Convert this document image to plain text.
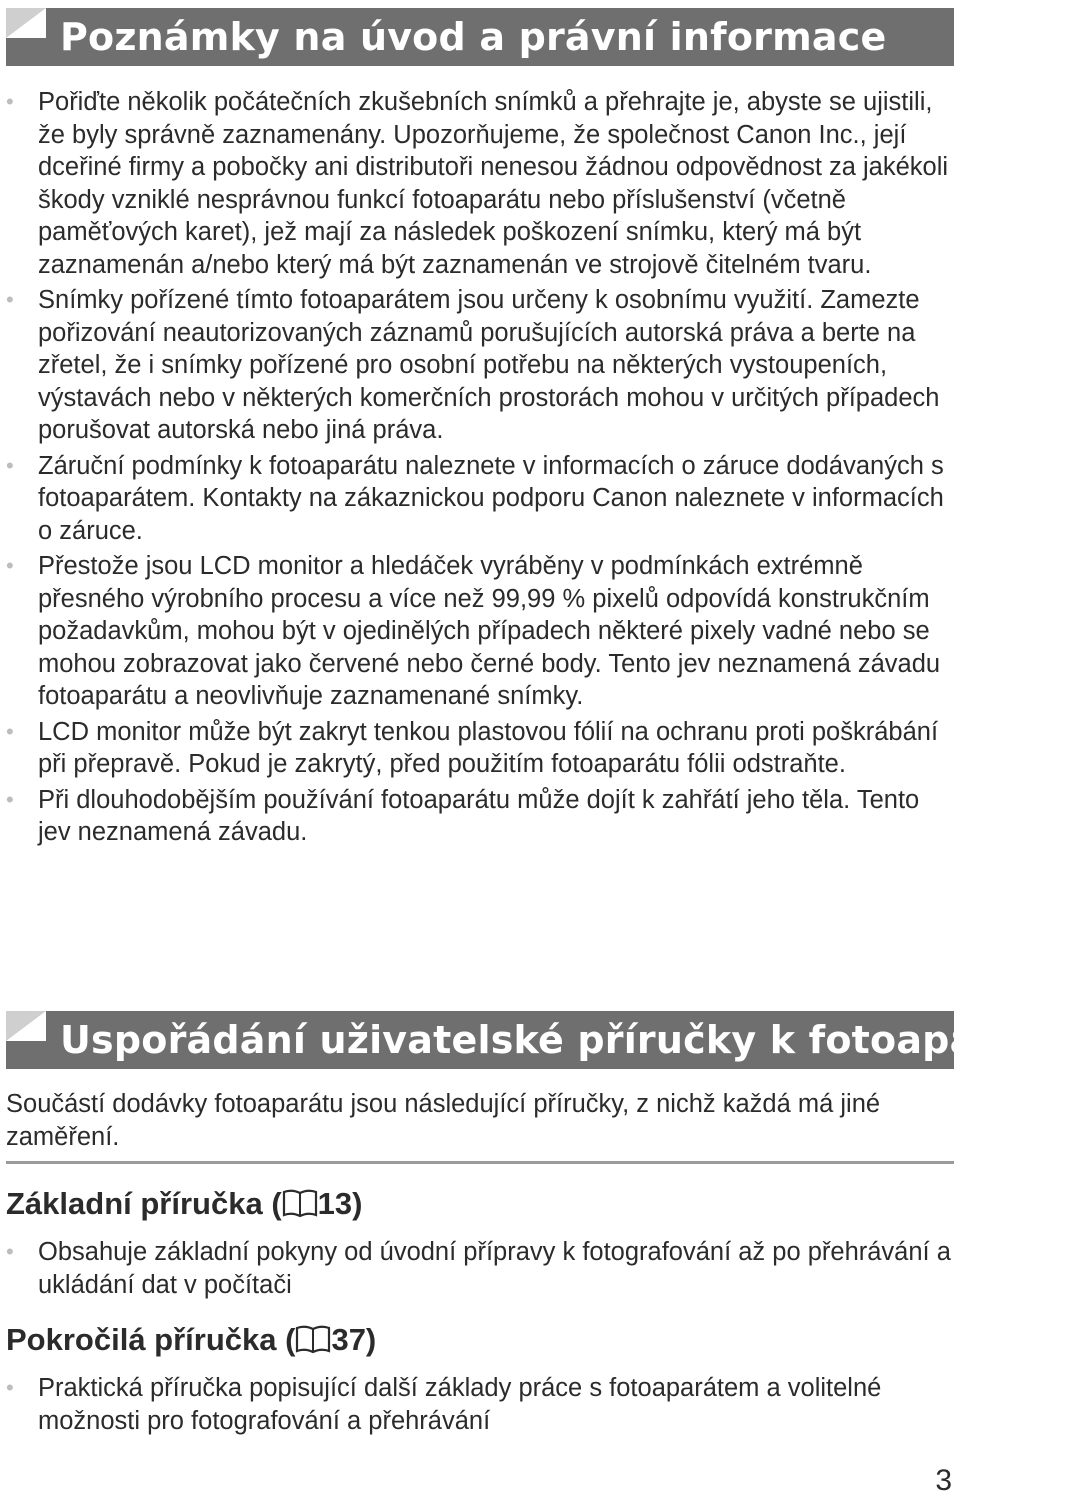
Poznámky na úvod a právní informace
• Pořiďte několik počátečních zkušebních snímků a přehrajte je, abyste se ujistili, že byly správně zaznamenány. Upozorňujeme, že společnost Canon Inc., její dceřiné firmy a pobočky ani distributoři nenesou žádnou odpovědnost za jakékoli škody vzniklé nesprávnou funkcí fotoaparátu nebo příslušenství (včetně paměťových karet), jež mají za následek poškození snímku, který má být zaznamenán a/nebo který má být zaznamenán ve strojově čitelném tvaru.
• Snímky pořízené tímto fotoaparátem jsou určeny k osobnímu využití. Zamezte pořizování neautorizovaných záznamů porušujících autorská práva a berte na zřetel, že i snímky pořízené pro osobní potřebu na některých vystoupeních, výstavách nebo v některých komerčních prostorách mohou v určitých případech porušovat autorská nebo jiná práva.
• Záruční podmínky k fotoaparátu naleznete v informacích o záruce dodávaných s fotoaparátem. Kontakty na zákaznickou podporu Canon naleznete v informacích o záruce.
• Přestože jsou LCD monitor a hledáček vyráběny v podmínkách extrémně přesného výrobního procesu a více než 99,99 % pixelů odpovídá konstrukčním požadavkům, mohou být v ojedinělých případech některé pixely vadné nebo se mohou zobrazovat jako červené nebo černé body. Tento jev neznamená závadu fotoaparátu a neovlivňuje zaznamenané snímky.
• LCD monitor může být zakryt tenkou plastovou fólií na ochranu proti poškrábání při přepravě. Pokud je zakrytý, před použitím fotoaparátu fólii odstraňte.
• Při dlouhodobějším používání fotoaparátu může dojít k zahřátí jeho těla. Tento jev neznamená závadu.
Uspořádání uživatelské příručky k fotoaparátu

Součástí dodávky fotoaparátu jsou následující příručky, z nichž každá má jiné zaměření.

Základní příručka ( 13)
• Obsahuje základní pokyny od úvodní přípravy k fotografování až po přehrávání a ukládání dat v počítači
Pokročilá příručka ( 37)
• Praktická příručka popisující další základy práce s fotoaparátem a volitelné možnosti pro fotografování a přehrávání
3
